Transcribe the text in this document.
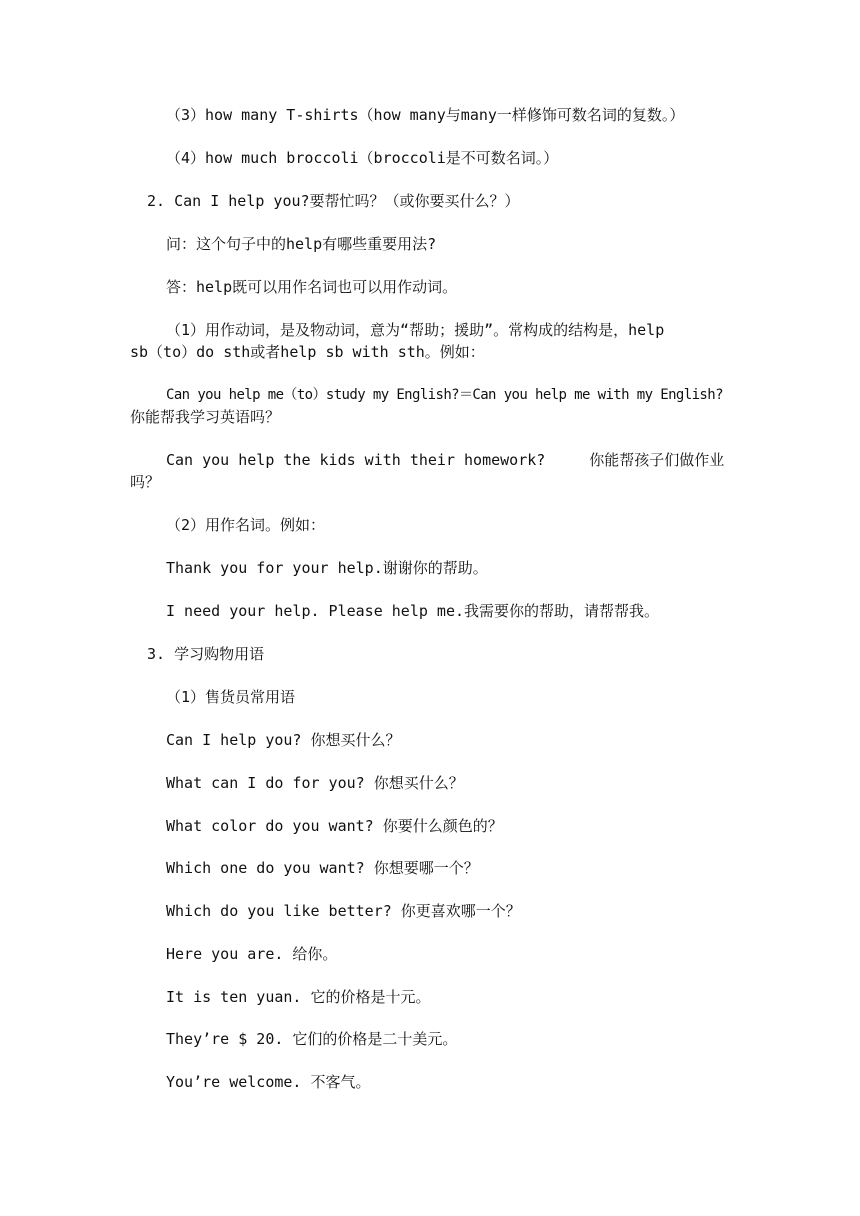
（3）how many T-shirts（how many与many一样修饰可数名词的复数。）
（4）how much broccoli（broccoli是不可数名词。）
2. Can I help you?要帮忙吗？（或你要买什么？）
问：这个句子中的help有哪些重要用法?
答：help既可以用作名词也可以用作动词。
（1）用作动词，是及物动词，意为“帮助；援助”。常构成的结构是，help
sb（to）do sth或者help sb with sth。例如：
Can you help me（to）study my English?＝Can you help me with my English?
你能帮我学习英语吗？
Can you help the kids with their homework?	你能帮孩子们做作业
吗？
（2）用作名词。例如：
Thank you for your help.谢谢你的帮助。
I need your help. Please help me.我需要你的帮助，请帮帮我。
3. 学习购物用语
（1）售货员常用语
Can I help you? 你想买什么？
What can I do for you? 你想买什么？
What color do you want? 你要什么颜色的？
Which one do you want? 你想要哪一个？
Which do you like better? 你更喜欢哪一个？
Here you are. 给你。
It is ten yuan. 它的价格是十元。
They’re $ 20. 它们的价格是二十美元。
You’re welcome. 不客气。
